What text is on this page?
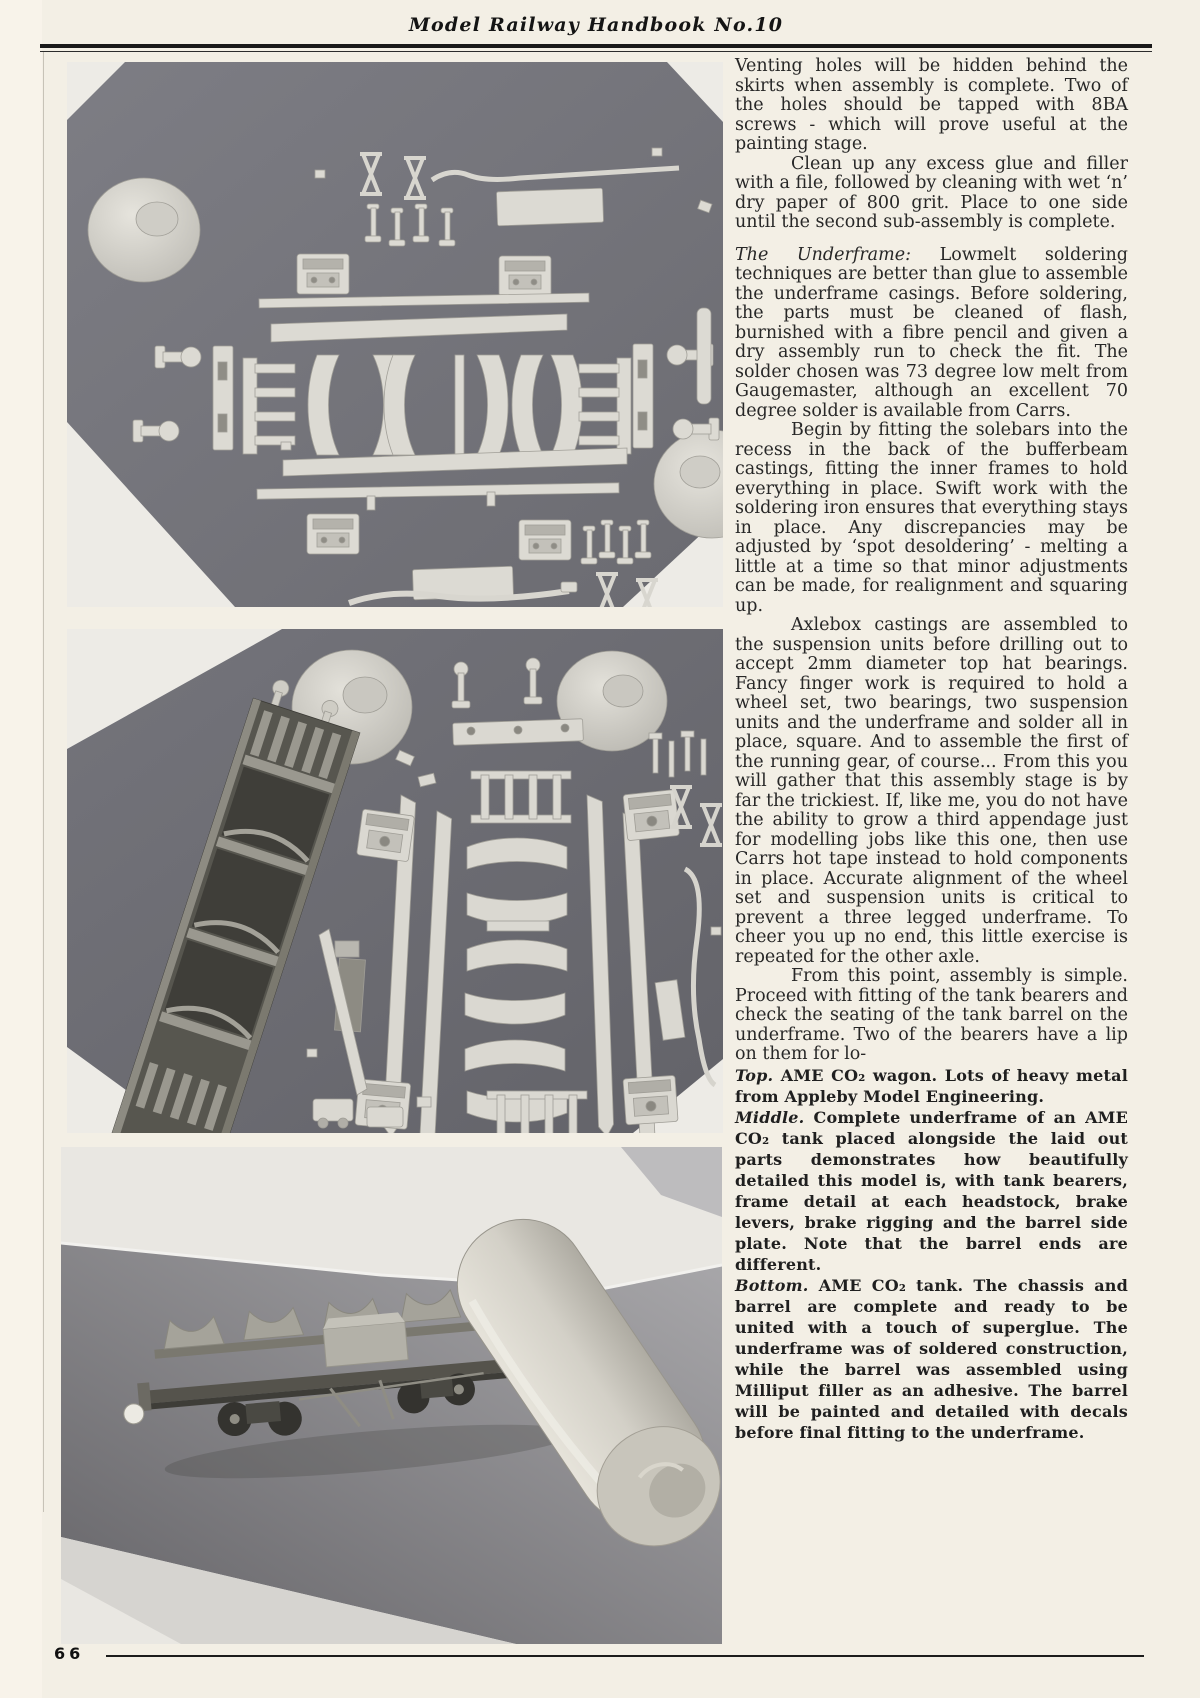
Model Railway Handbook No.10

Venting holes will be hidden behind the skirts when assembly is complete. Two of the holes should be tapped with 8BA screws - which will prove useful at the painting stage.

Clean up any excess glue and filler with a file, followed by cleaning with wet ‘n’ dry paper of 800 grit. Place to one side until the second sub-assembly is complete.

The Underframe: Lowmelt soldering techniques are better than glue to assemble the underframe casings. Before soldering, the parts must be cleaned of flash, burnished with a fibre pencil and given a dry assembly run to check the fit. The solder chosen was 73 degree low melt from Gaugemaster, although an excellent 70 degree solder is available from Carrs.

Begin by fitting the solebars into the recess in the back of the bufferbeam castings, fitting the inner frames to hold everything in place. Swift work with the soldering iron ensures that everything stays in place. Any discrepancies may be adjusted by ‘spot desoldering’ - melting a little at a time so that minor adjustments can be made, for realignment and squaring up.

Axlebox castings are assembled to the suspension units before drilling out to accept 2mm diameter top hat bearings. Fancy finger work is required to hold a wheel set, two bearings, two suspension units and the underframe and solder all in place, square. And to assemble the first of the running gear, of course... From this you will gather that this assembly stage is by far the trickiest. If, like me, you do not have the ability to grow a third appendage just for modelling jobs like this one, then use Carrs hot tape instead to hold components in place. Accurate alignment of the wheel set and suspension units is critical to prevent a three legged underframe. To cheer you up no end, this little exercise is repeated for the other axle.

From this point, assembly is simple. Proceed with fitting of the tank bearers and check the seating of the tank barrel on the underframe. Two of the bearers have a lip on them for lo-

Top. AME CO₂ wagon. Lots of heavy metal from Appleby Model Engineering.

Middle. Complete underframe of an AME CO₂ tank placed alongside the laid out parts demonstrates how beautifully detailed this model is, with tank bearers, frame detail at each headstock, brake levers, brake rigging and the barrel side plate. Note that the barrel ends are different.

Bottom. AME CO₂ tank. The chassis and barrel are complete and ready to be united with a touch of superglue. The underframe was of soldered construction, while the barrel was assembled using Milliput filler as an adhesive. The barrel will be painted and detailed with decals before final fitting to the underframe.

66
